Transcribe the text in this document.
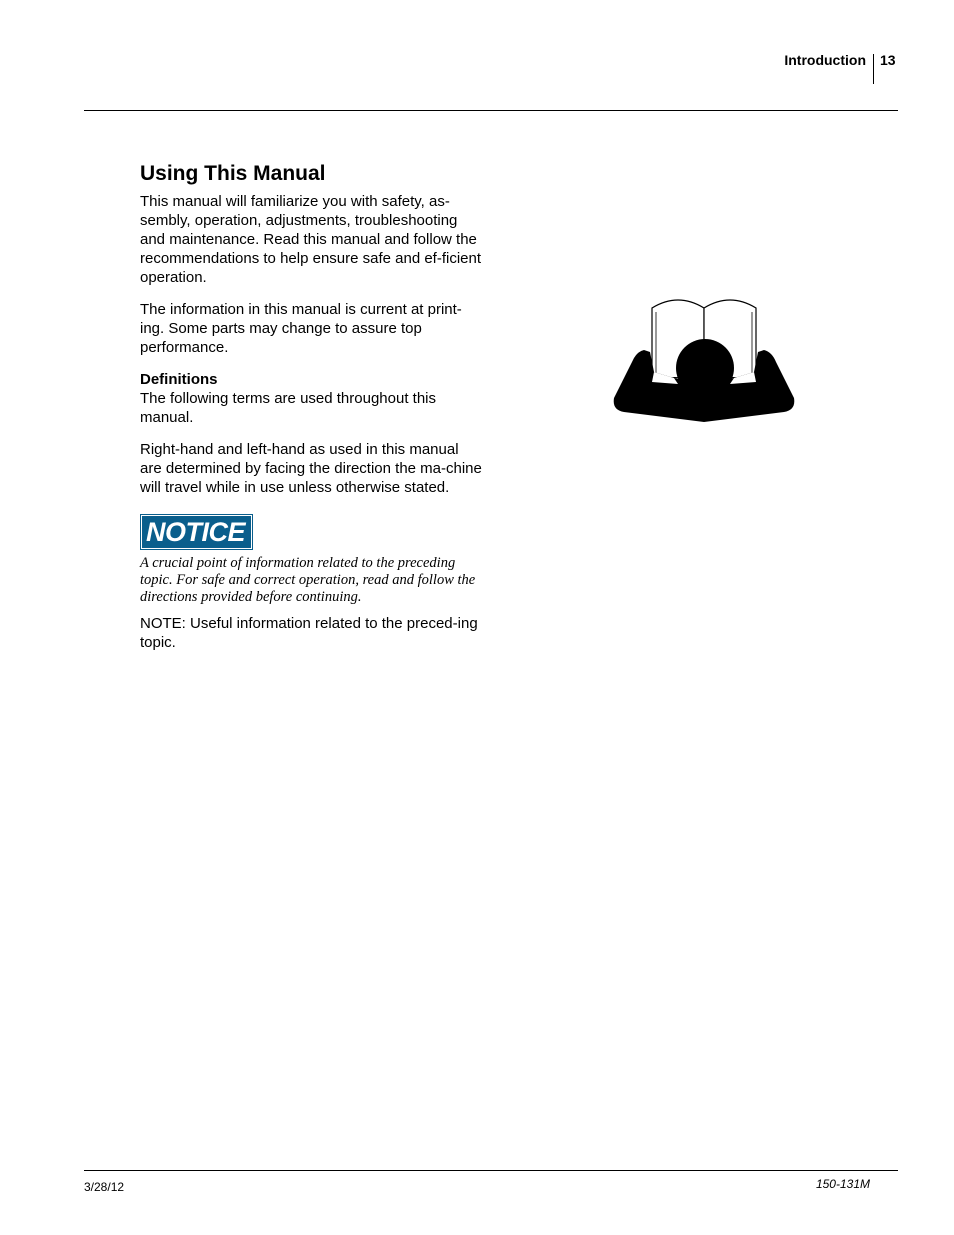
Introduction 13
Using This Manual

This manual will familiarize you with safety, as-sembly, operation, adjustments, troubleshooting and maintenance. Read this manual and follow the recommendations to help ensure safe and ef-ficient operation.

The information in this manual is current at print-ing. Some parts may change to assure top performance.

Definitions

The following terms are used throughout this manual.

Right-hand and left-hand as used in this manual are determined by facing the direction the ma-chine will travel while in use unless otherwise stated.

NOTICE
A crucial point of information related to the preceding topic. For safe and correct operation, read and follow the directions provided before continuing.

NOTE: Useful information related to the preced-ing topic.

3/28/12	150-131M
